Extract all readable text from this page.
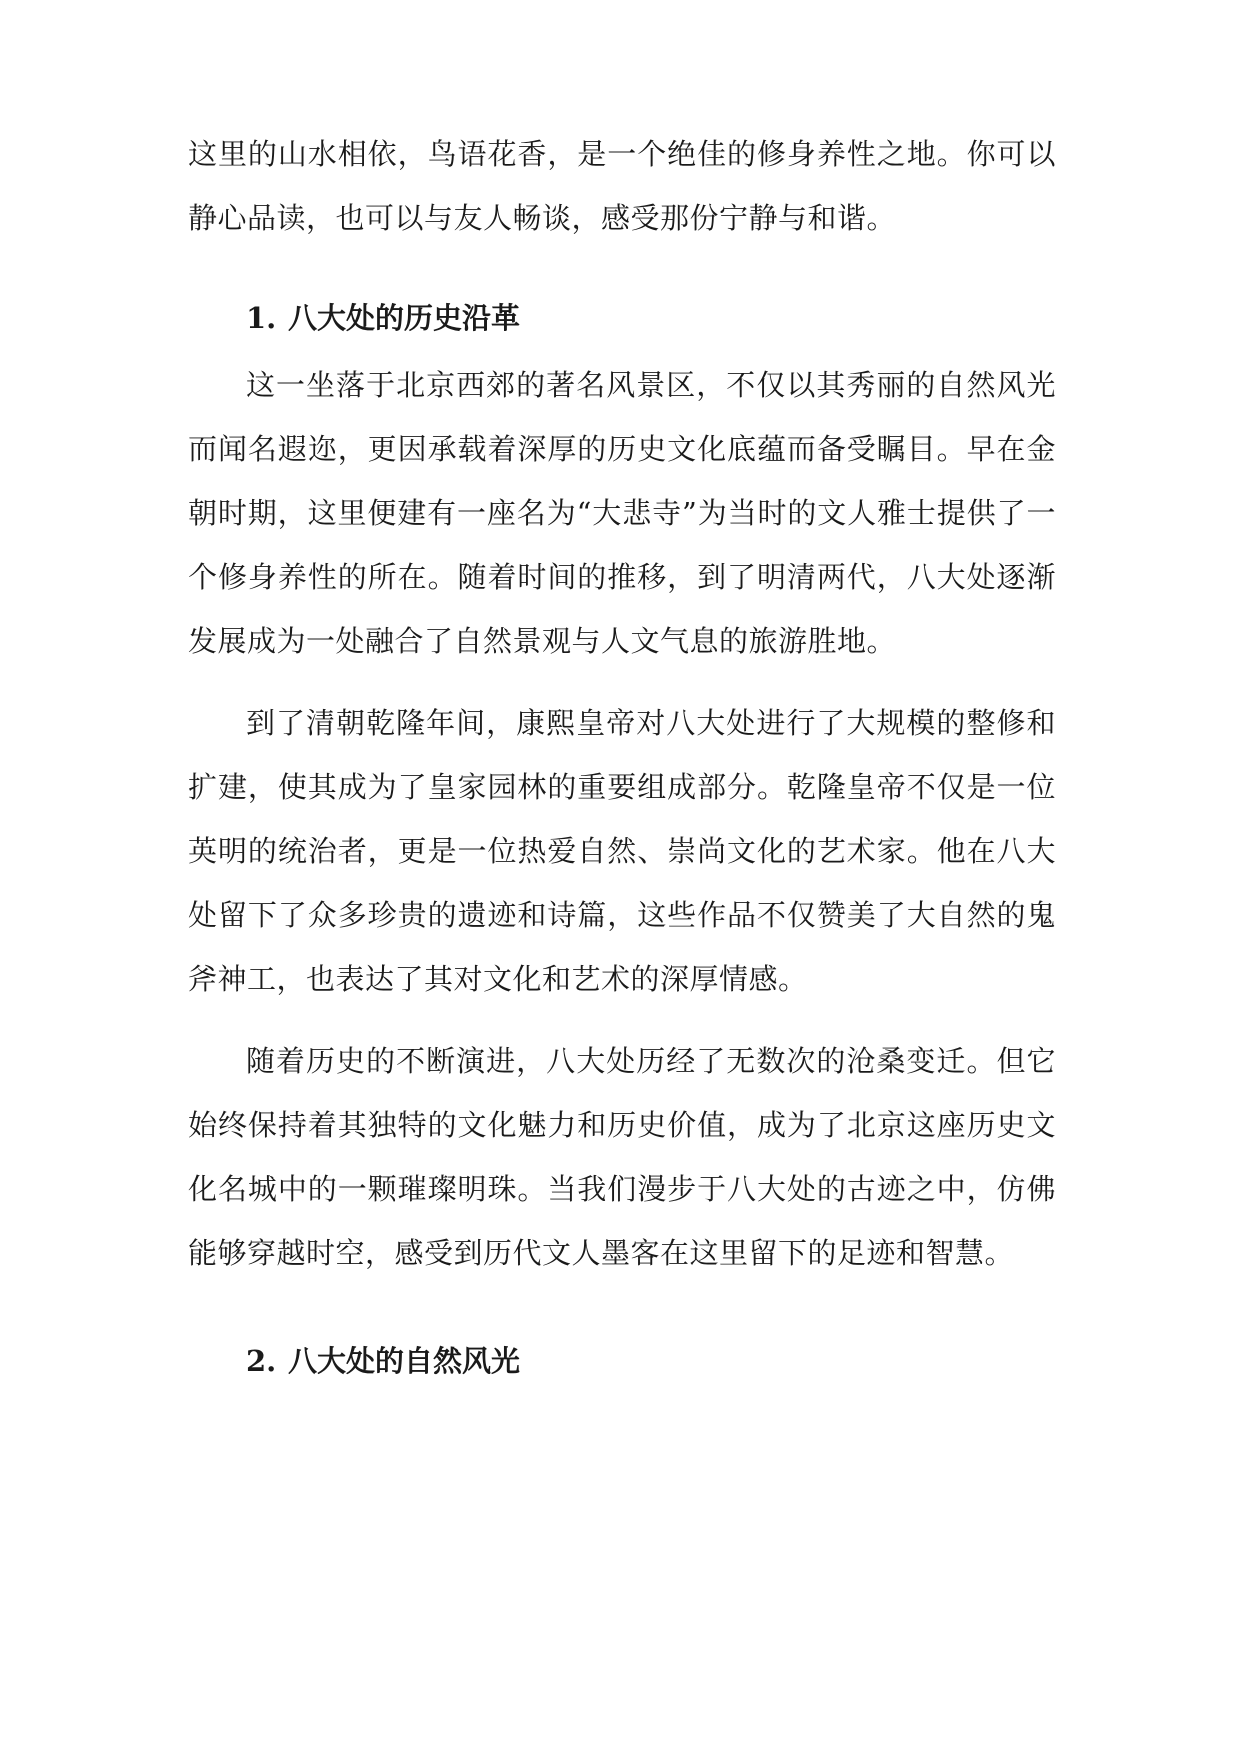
这里的山水相依，鸟语花香，是一个绝佳的修身养性之地。你可以静心品读，也可以与友人畅谈，感受那份宁静与和谐。

1. 八大处的历史沿革

这一坐落于北京西郊的著名风景区，不仅以其秀丽的自然风光而闻名遐迩，更因承载着深厚的历史文化底蕴而备受瞩目。早在金朝时期，这里便建有一座名为“大悲寺”为当时的文人雅士提供了一个修身养性的所在。随着时间的推移，到了明清两代，八大处逐渐发展成为一处融合了自然景观与人文气息的旅游胜地。

到了清朝乾隆年间，康熙皇帝对八大处进行了大规模的整修和扩建，使其成为了皇家园林的重要组成部分。乾隆皇帝不仅是一位英明的统治者，更是一位热爱自然、崇尚文化的艺术家。他在八大处留下了众多珍贵的遗迹和诗篇，这些作品不仅赞美了大自然的鬼斧神工，也表达了其对文化和艺术的深厚情感。

随着历史的不断演进，八大处历经了无数次的沧桑变迁。但它始终保持着其独特的文化魅力和历史价值，成为了北京这座历史文化名城中的一颗璀璨明珠。当我们漫步于八大处的古迹之中，仿佛能够穿越时空，感受到历代文人墨客在这里留下的足迹和智慧。

2. 八大处的自然风光
